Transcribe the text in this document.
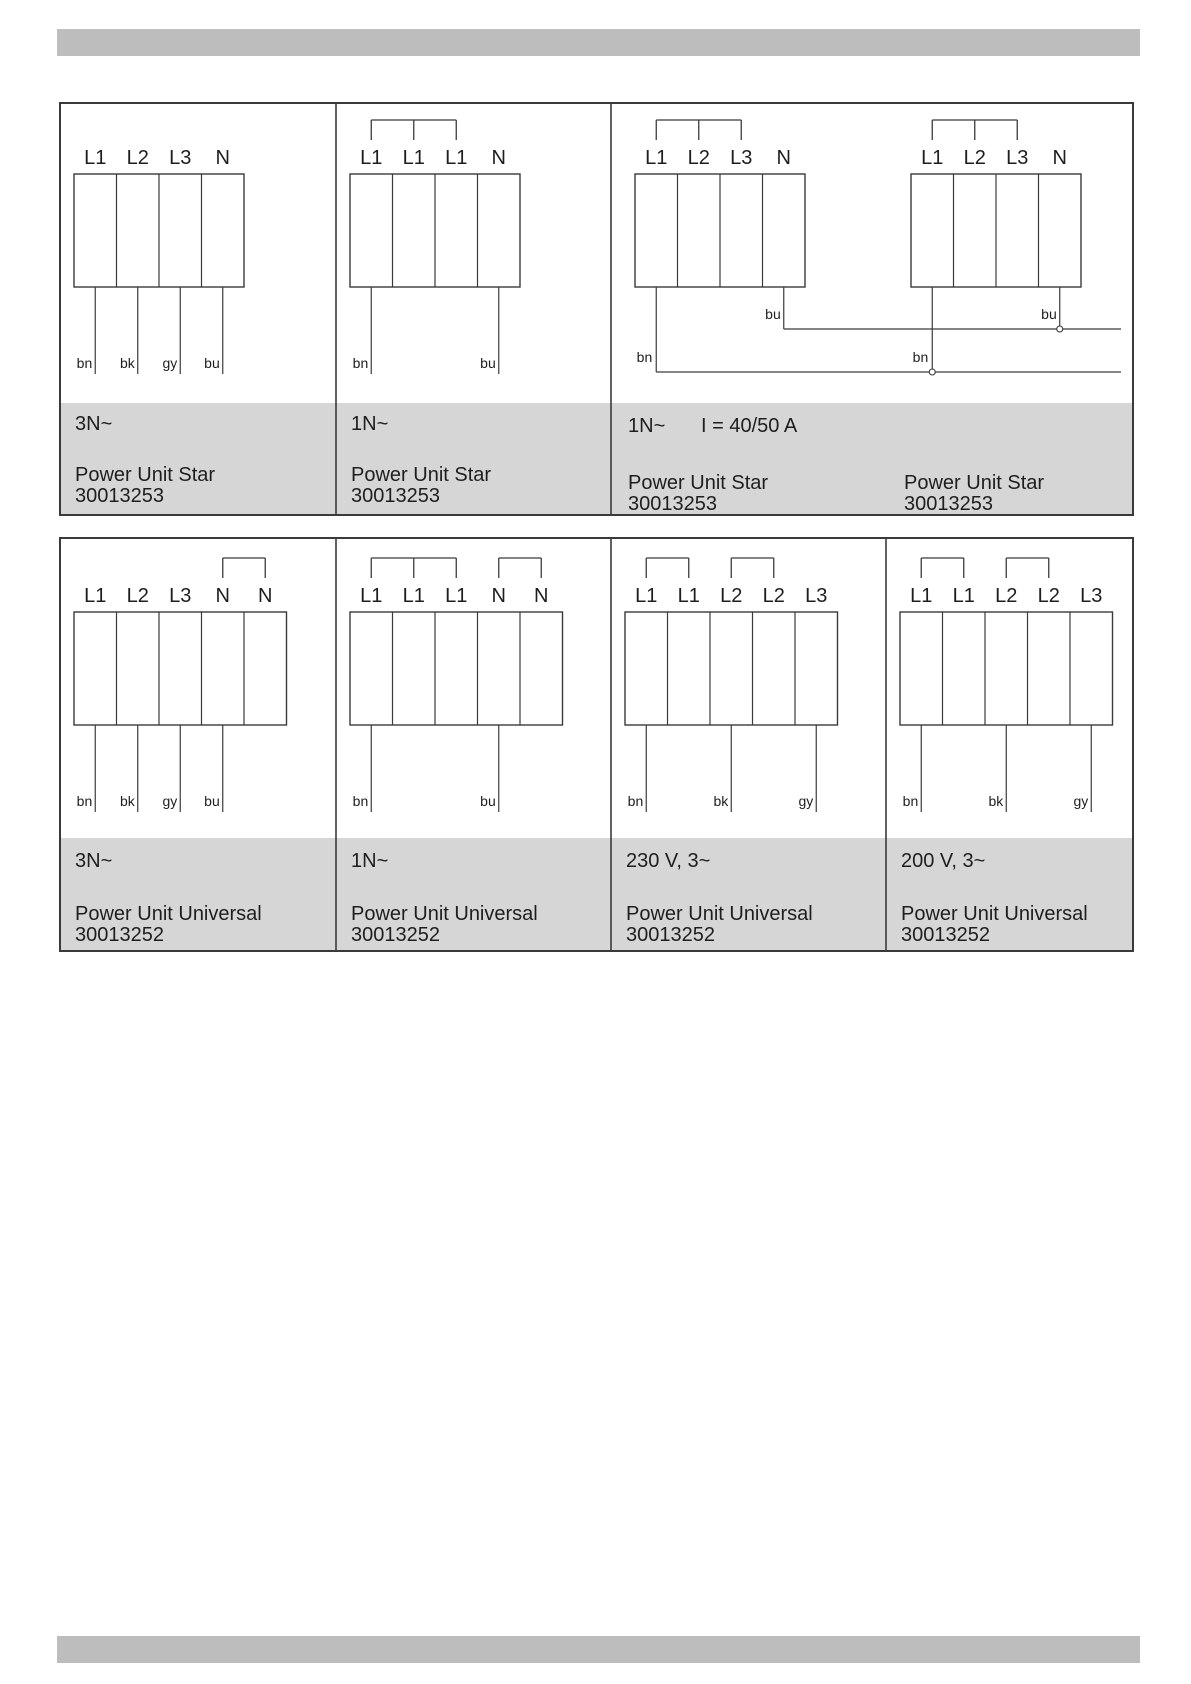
L1 L2 L3 N
bn bk gy bu
3N~
Power Unit Star
30013253
L1 L1 L1 N
bn	bu
1N~
Power Unit Star
30013253
L1 L2 L3 N	L1 L2 L3 N
bu
bn
bu
bn
1N~ I = 40/50 A
Power Unit Star
30013253
Power Unit Star
30013253
L1 L2 L3 N N
bn bk gy bu
3N~
Power Unit Universal
30013252
L1 L1 L1 N N
bn	bu
1N~
Power Unit Universal
30013252
L1 L1 L2 L2 L3
bn	bk	gy
230 V, 3~
Power Unit Universal
30013252
L1 L1 L2 L2 L3
bn	bk	gy
200 V, 3~
Power Unit Universal
30013252
